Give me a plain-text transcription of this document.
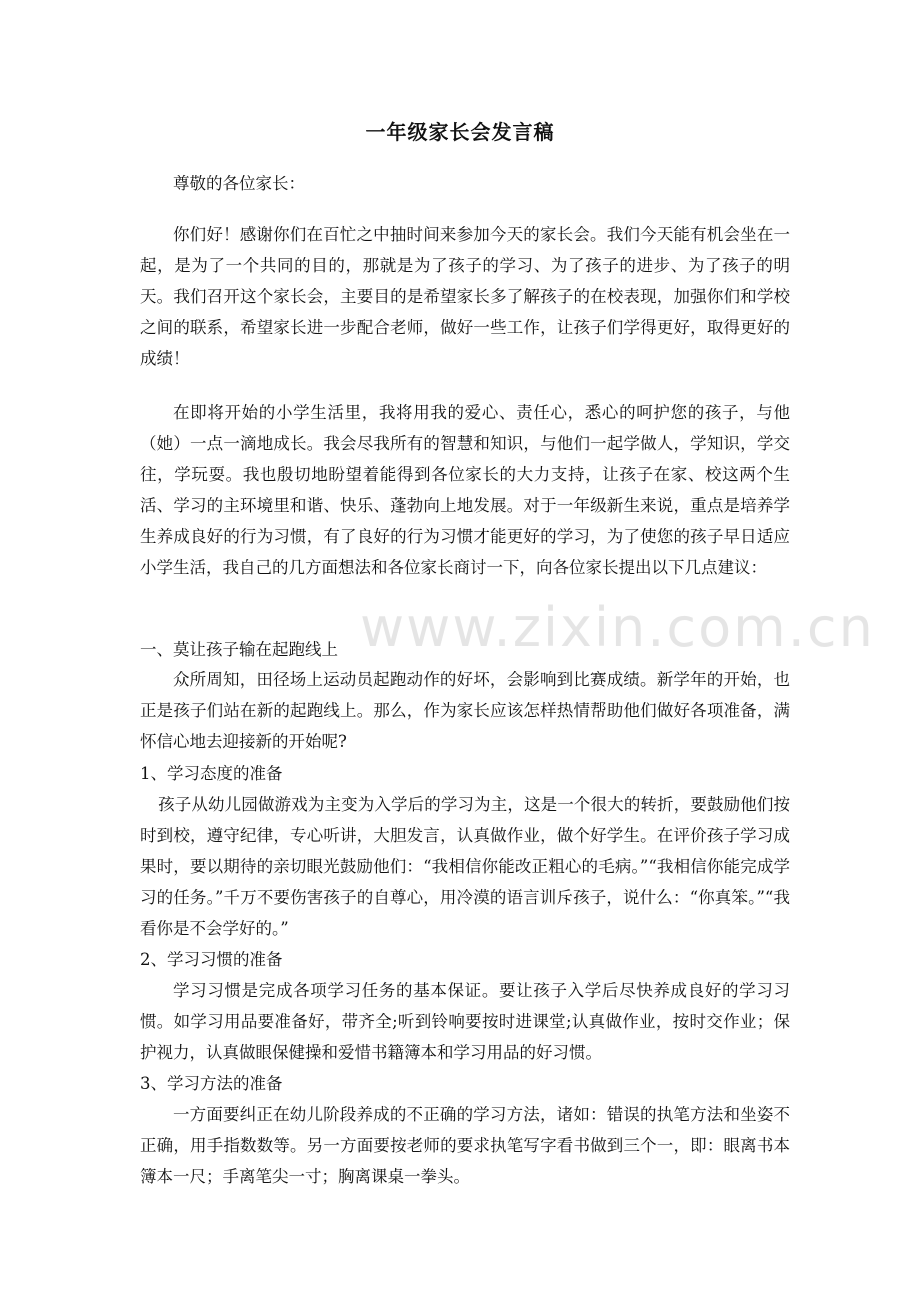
一年级家长会发言稿

尊敬的各位家长：

你们好！感谢你们在百忙之中抽时间来参加今天的家长会。我们今天能有机会坐在一起，是为了一个共同的目的，那就是为了孩子的学习、为了孩子的进步、为了孩子的明天。我们召开这个家长会，主要目的是希望家长多了解孩子的在校表现，加强你们和学校之间的联系，希望家长进一步配合老师，做好一些工作，让孩子们学得更好，取得更好的成绩！

在即将开始的小学生活里，我将用我的爱心、责任心，悉心的呵护您的孩子，与他（她）一点一滴地成长。我会尽我所有的智慧和知识，与他们一起学做人，学知识，学交往，学玩耍。我也殷切地盼望着能得到各位家长的大力支持，让孩子在家、校这两个生活、学习的主环境里和谐、快乐、蓬勃向上地发展。对于一年级新生来说，重点是培养学生养成良好的行为习惯，有了良好的行为习惯才能更好的学习，为了使您的孩子早日适应小学生活，我自己的几方面想法和各位家长商讨一下，向各位家长提出以下几点建议：

一、莫让孩子输在起跑线上

众所周知，田径场上运动员起跑动作的好坏，会影响到比赛成绩。新学年的开始，也正是孩子们站在新的起跑线上。那么，作为家长应该怎样热情帮助他们做好各项准备，满怀信心地去迎接新的开始呢?

1、学习态度的准备

孩子从幼儿园做游戏为主变为入学后的学习为主，这是一个很大的转折，要鼓励他们按时到校，遵守纪律，专心听讲，大胆发言，认真做作业，做个好学生。在评价孩子学习成果时，要以期待的亲切眼光鼓励他们：“我相信你能改正粗心的毛病。”“我相信你能完成学习的任务。”千万不要伤害孩子的自尊心，用冷漠的语言训斥孩子，说什么：“你真笨。”“我看你是不会学好的。”

2、学习习惯的准备

学习习惯是完成各项学习任务的基本保证。要让孩子入学后尽快养成良好的学习习惯。如学习用品要准备好，带齐全;听到铃响要按时进课堂;认真做作业，按时交作业；保护视力，认真做眼保健操和爱惜书籍簿本和学习用品的好习惯。

3、学习方法的准备

一方面要纠正在幼儿阶段养成的不正确的学习方法，诸如：错误的执笔方法和坐姿不正确，用手指数数等。另一方面要按老师的要求执笔写字看书做到三个一，即：眼离书本簿本一尺；手离笔尖一寸；胸离课桌一拳头。

www.zixin.com.cn
